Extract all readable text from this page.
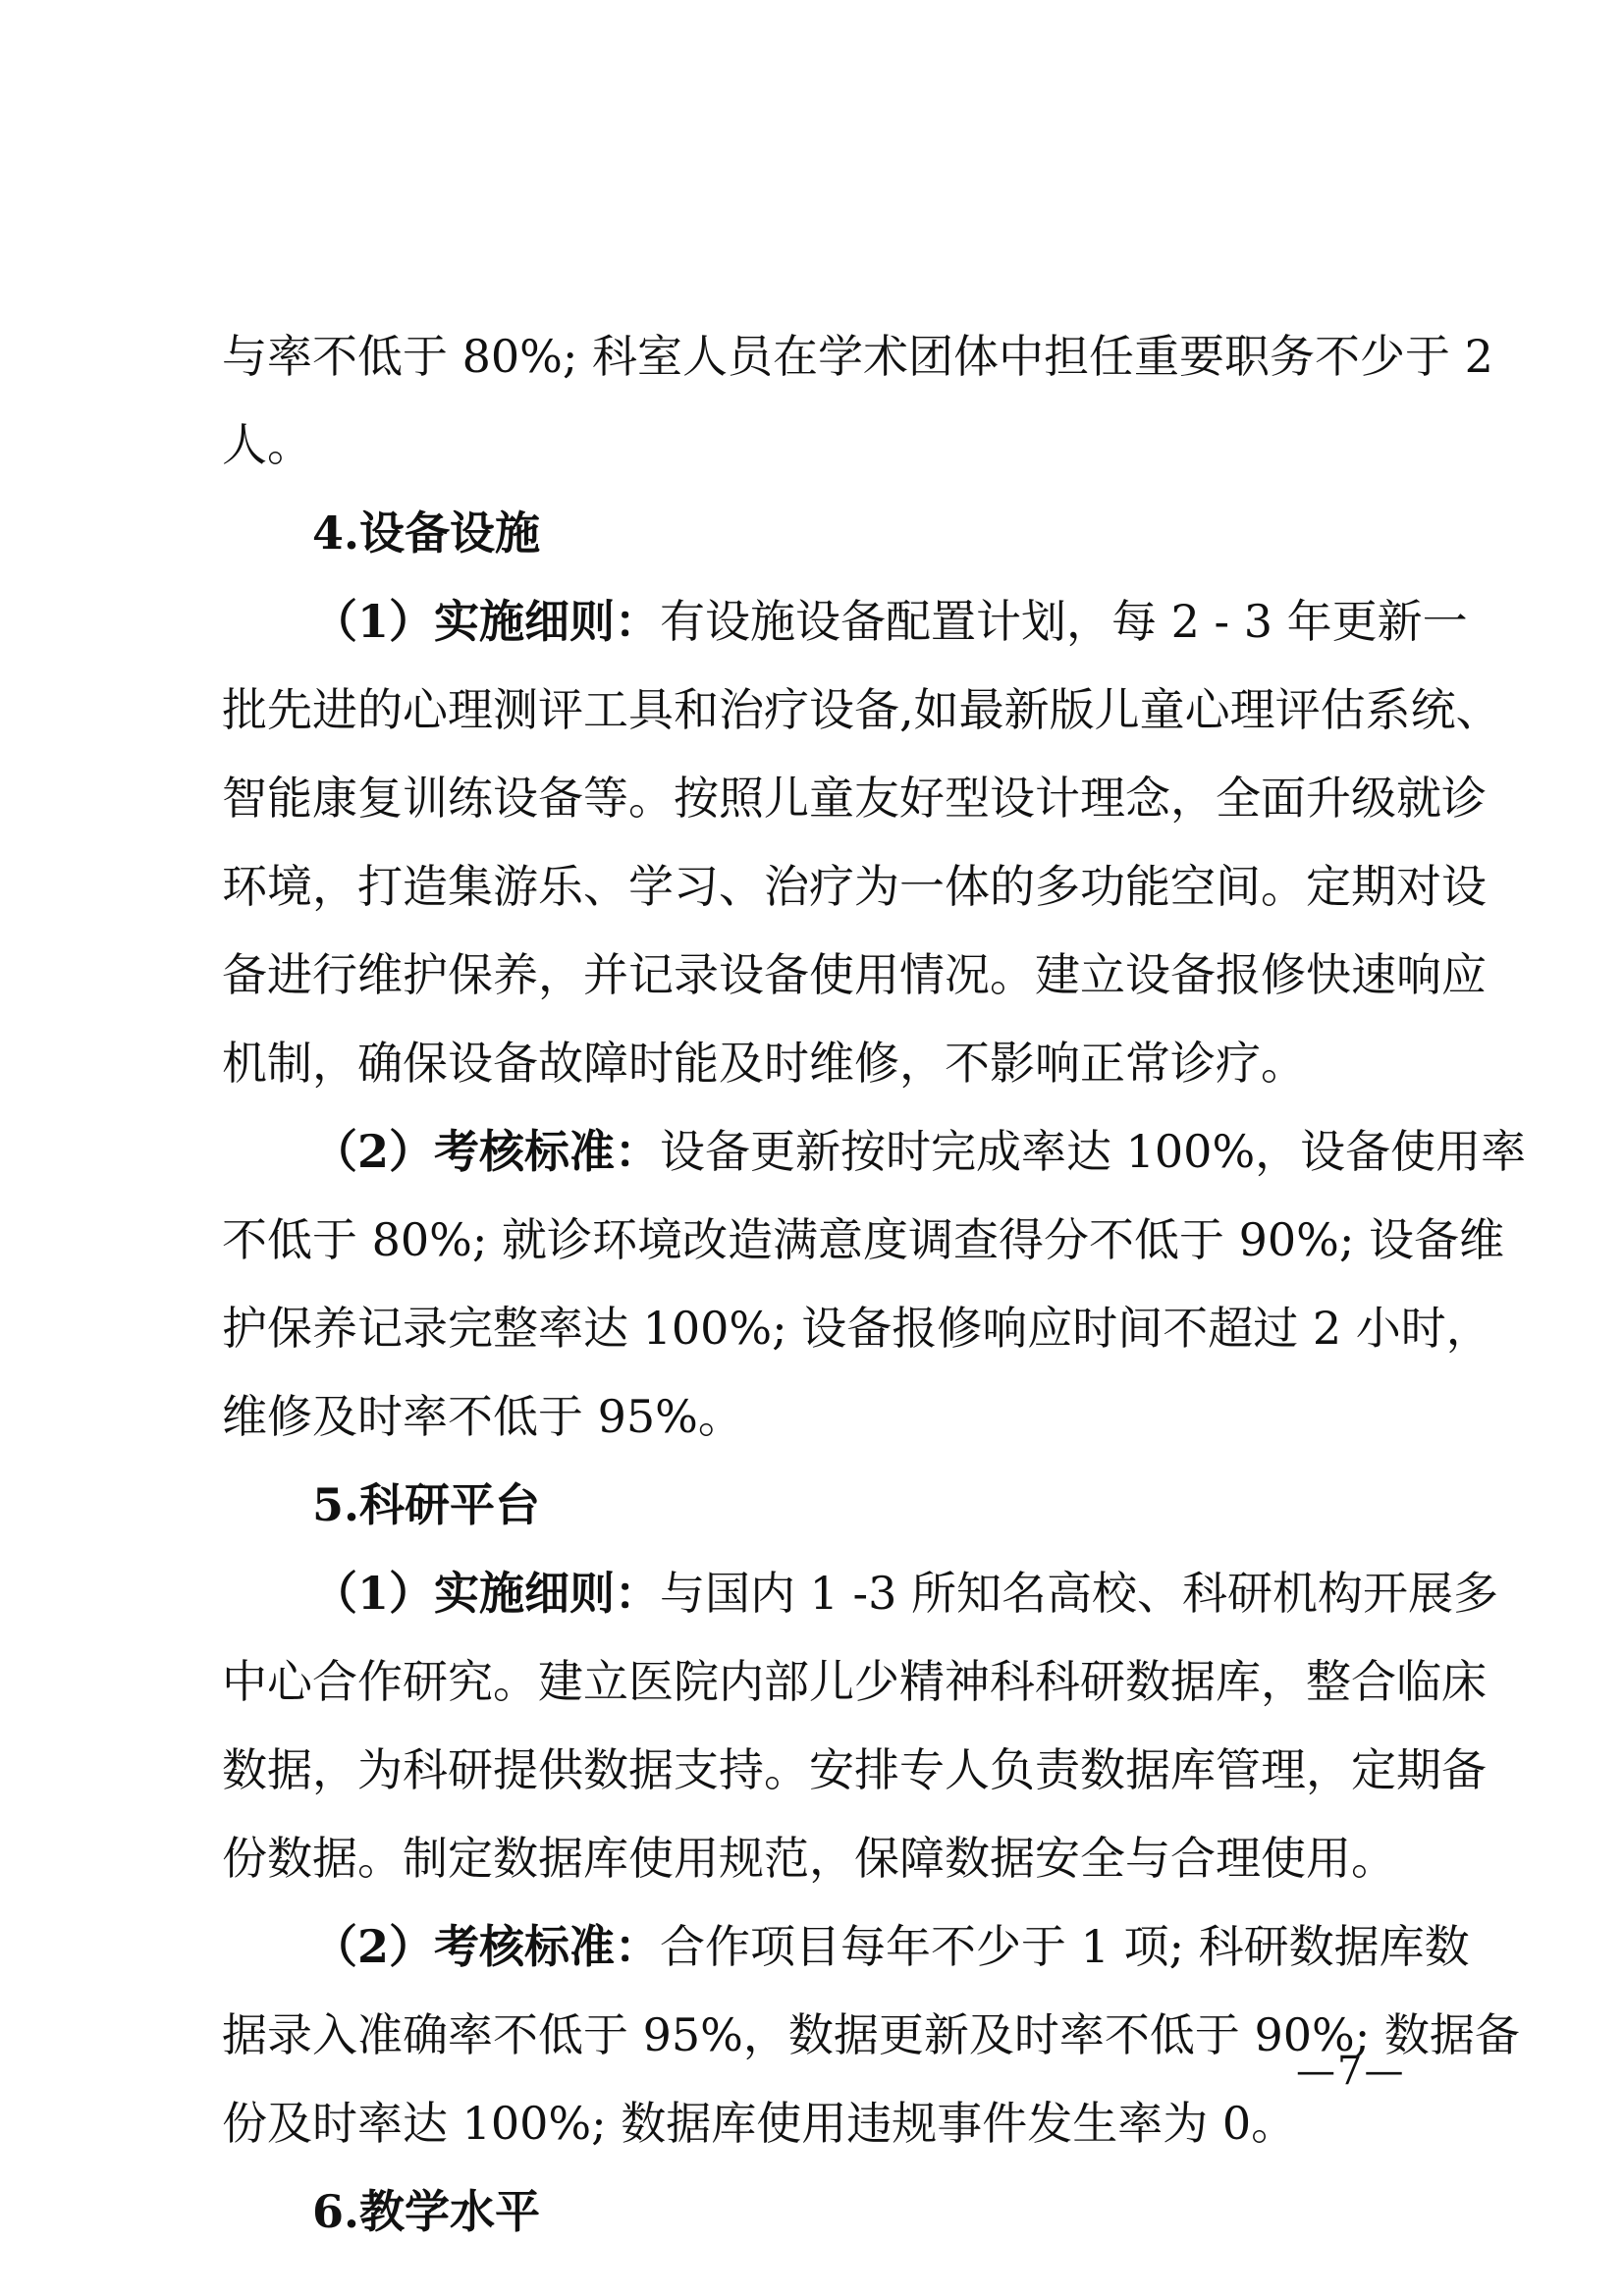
与率不低于 80%; 科室人员在学术团体中担任重要职务不少于 2
人。
4.设备设施
（1）实施细则：有设施设备配置计划，每 2 - 3 年更新一
批先进的心理测评工具和治疗设备,如最新版儿童心理评估系统、
智能康复训练设备等。按照儿童友好型设计理念，全面升级就诊
环境，打造集游乐、学习、治疗为一体的多功能空间。定期对设
备进行维护保养，并记录设备使用情况。建立设备报修快速响应
机制，确保设备故障时能及时维修，不影响正常诊疗。
（2）考核标准：设备更新按时完成率达 100%，设备使用率
不低于 80%; 就诊环境改造满意度调查得分不低于 90%; 设备维
护保养记录完整率达 100%; 设备报修响应时间不超过 2 小时，
维修及时率不低于 95%。
5.科研平台
（1）实施细则：与国内 1 -3 所知名高校、科研机构开展多
中心合作研究。建立医院内部儿少精神科科研数据库，整合临床
数据，为科研提供数据支持。安排专人负责数据库管理，定期备
份数据。制定数据库使用规范，保障数据安全与合理使用。
（2）考核标准：合作项目每年不少于 1 项; 科研数据库数
据录入准确率不低于 95%，数据更新及时率不低于 90%; 数据备
份及时率达 100%; 数据库使用违规事件发生率为 0。
6.教学水平
—7—
